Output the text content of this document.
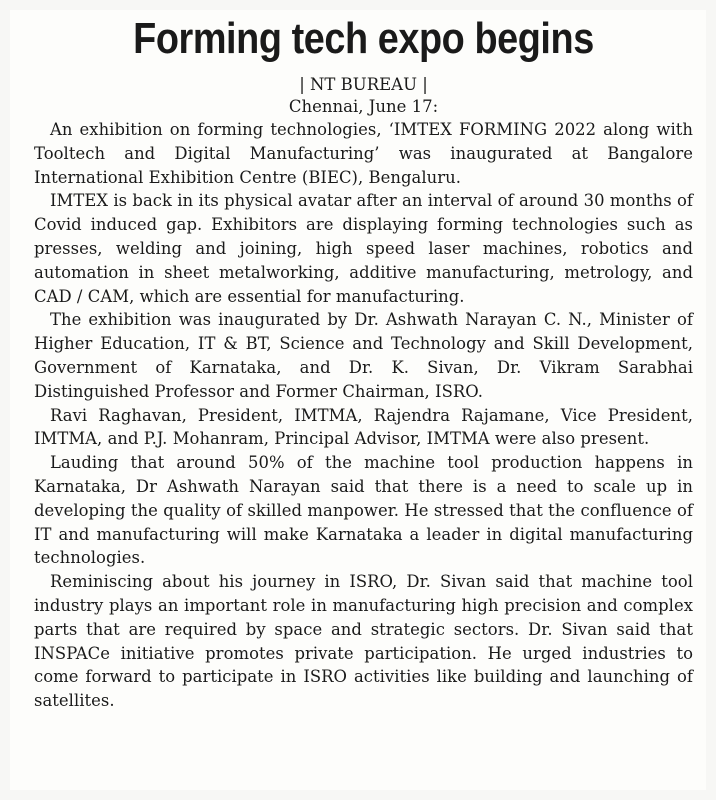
Forming tech expo begins
| NT BUREAU |
Chennai, June 17:

An exhibition on forming technologies, ‘IMTEX FORMING 2022 along with Tooltech and Digital Manufacturing’ was inaugurated at Bangalore International Exhibition Centre (BIEC), Bengaluru.

IMTEX is back in its physical avatar after an interval of around 30 months of Covid induced gap. Exhibitors are displaying forming technologies such as presses, welding and joining, high speed laser machines, robotics and automation in sheet metalworking, additive manufacturing, metrology, and CAD / CAM, which are essential for manufacturing.

The exhibition was inaugurated by Dr. Ashwath Narayan C. N., Minister of Higher Education, IT & BT, Science and Technology and Skill Development, Government of Karnataka, and Dr. K. Sivan, Dr. Vikram Sarabhai Distinguished Professor and Former Chairman, ISRO.

Ravi Raghavan, President, IMTMA, Rajendra Rajamane, Vice President, IMTMA, and P.J. Mohanram, Principal Advisor, IMTMA were also present.

Lauding that around 50% of the machine tool production happens in Karnataka, Dr Ashwath Narayan said that there is a need to scale up in developing the quality of skilled manpower. He stressed that the confluence of IT and manufacturing will make Karnataka a leader in digital manufacturing technologies.

Reminiscing about his journey in ISRO, Dr. Sivan said that machine tool industry plays an important role in manufacturing high precision and complex parts that are required by space and strategic sectors. Dr. Sivan said that INSPACe initiative promotes private participation. He urged industries to come forward to participate in ISRO activities like building and launching of satellites.
